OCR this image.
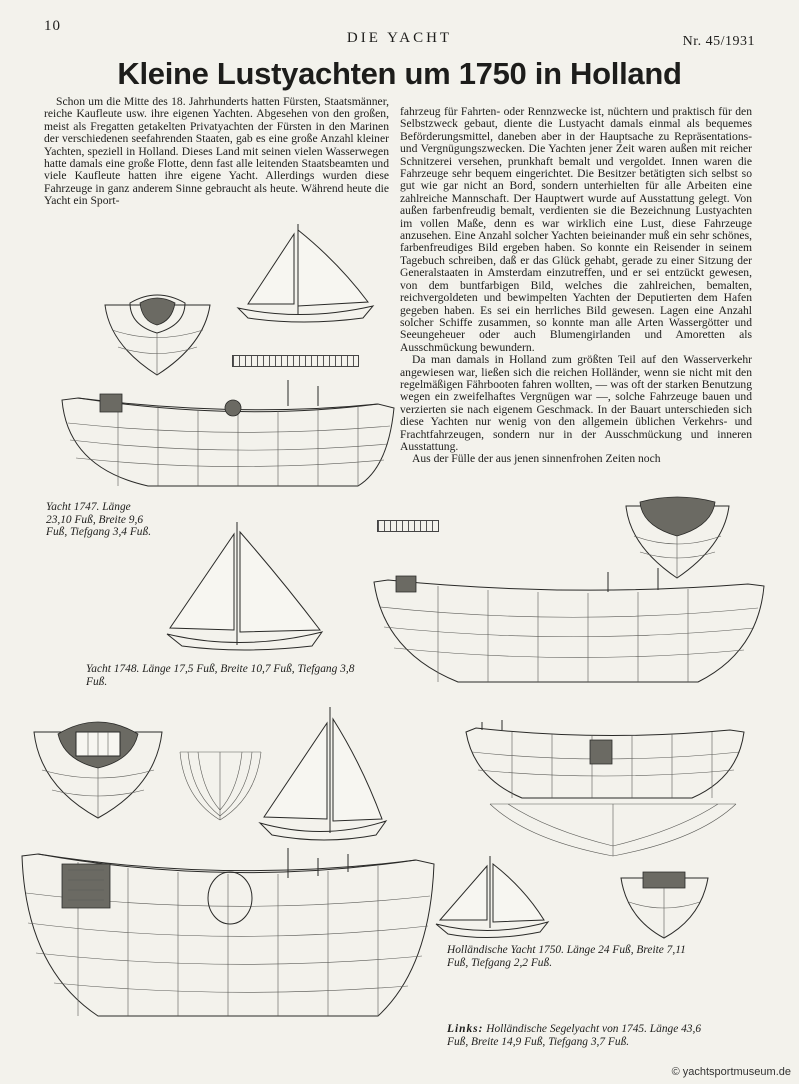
10
DIE YACHT	Nr. 45/1931
Kleine Lustyachten um 1750 in Holland

Schon um die Mitte des 18. Jahrhunderts hatten Fürsten, Staatsmänner, reiche Kaufleute usw. ihre eigenen Yachten. Abgesehen von den großen, meist als Fregatten getakelten Privatyachten der Fürsten in den Marinen der verschiedenen seefahrenden Staaten, gab es eine große Anzahl kleiner Yachten, speziell in Holland. Dieses Land mit seinen vielen Wasserwegen hatte damals eine große Flotte, denn fast alle leitenden Staatsbeamten und viele Kaufleute hatten ihre eigene Yacht. Allerdings wurden diese Fahrzeuge in ganz anderem Sinne gebraucht als heute. Während heute die Yacht ein Sport-

fahrzeug für Fahrten- oder Rennzwecke ist, nüchtern und praktisch für den Selbstzweck gebaut, diente die Lustyacht damals einmal als bequemes Beförderungsmittel, daneben aber in der Hauptsache zu Repräsentations- und Vergnügungszwecken. Die Yachten jener Zeit waren außen mit reicher Schnitzerei versehen, prunkhaft bemalt und vergoldet. Innen waren die Fahrzeuge sehr bequem eingerichtet. Die Besitzer betätigten sich selbst so gut wie gar nicht an Bord, sondern unterhielten für alle Arbeiten eine zahlreiche Mannschaft. Der Hauptwert wurde auf Ausstattung gelegt. Von außen farbenfreudig bemalt, verdienten sie die Bezeichnung Lustyachten im vollen Maße, denn es war wirklich eine Lust, diese Fahrzeuge anzusehen. Eine Anzahl solcher Yachten beieinander muß ein sehr schönes, farbenfreudiges Bild ergeben haben. So konnte ein Reisender in seinem Tagebuch schreiben, daß er das Glück gehabt, gerade zu einer Sitzung der Generalstaaten in Amsterdam einzutreffen, und er sei entzückt gewesen, von dem buntfarbigen Bild, welches die zahlreichen, bemalten, reichvergoldeten und bewimpelten Yachten der Deputierten dem Hafen gegeben haben. Es sei ein herrliches Bild gewesen. Lagen eine Anzahl solcher Schiffe zusammen, so konnte man alle Arten Wassergötter und Seeungeheuer oder auch Blumengirlanden und Amoretten als Ausschmückung bewundern.

Da man damals in Holland zum größten Teil auf den Wasserverkehr angewiesen war, ließen sich die reichen Holländer, wenn sie nicht mit den regelmäßigen Fährbooten fahren wollten, — was oft der starken Benutzung wegen ein zweifelhaftes Vergnügen war —, solche Fahrzeuge bauen und verzierten sie nach eigenem Geschmack. In der Bauart unterschieden sich diese Yachten nur wenig von den allgemein üblichen Verkehrs- und Frachtfahrzeugen, sondern nur in der Ausschmückung und inneren Ausstattung.

Aus der Fülle der aus jenen sinnenfrohen Zeiten noch

Yacht 1747. Länge 23,10 Fuß, Breite 9,6 Fuß, Tiefgang 3,4 Fuß.
Yacht 1748. Länge 17,5 Fuß, Breite 10,7 Fuß, Tiefgang 3,8 Fuß.
Holländische Yacht 1750. Länge 24 Fuß, Breite 7,11 Fuß, Tiefgang 2,2 Fuß.
Links: Holländische Segelyacht von 1745. Länge 43,6 Fuß, Breite 14,9 Fuß, Tiefgang 3,7 Fuß.
© yachtsportmuseum.de
